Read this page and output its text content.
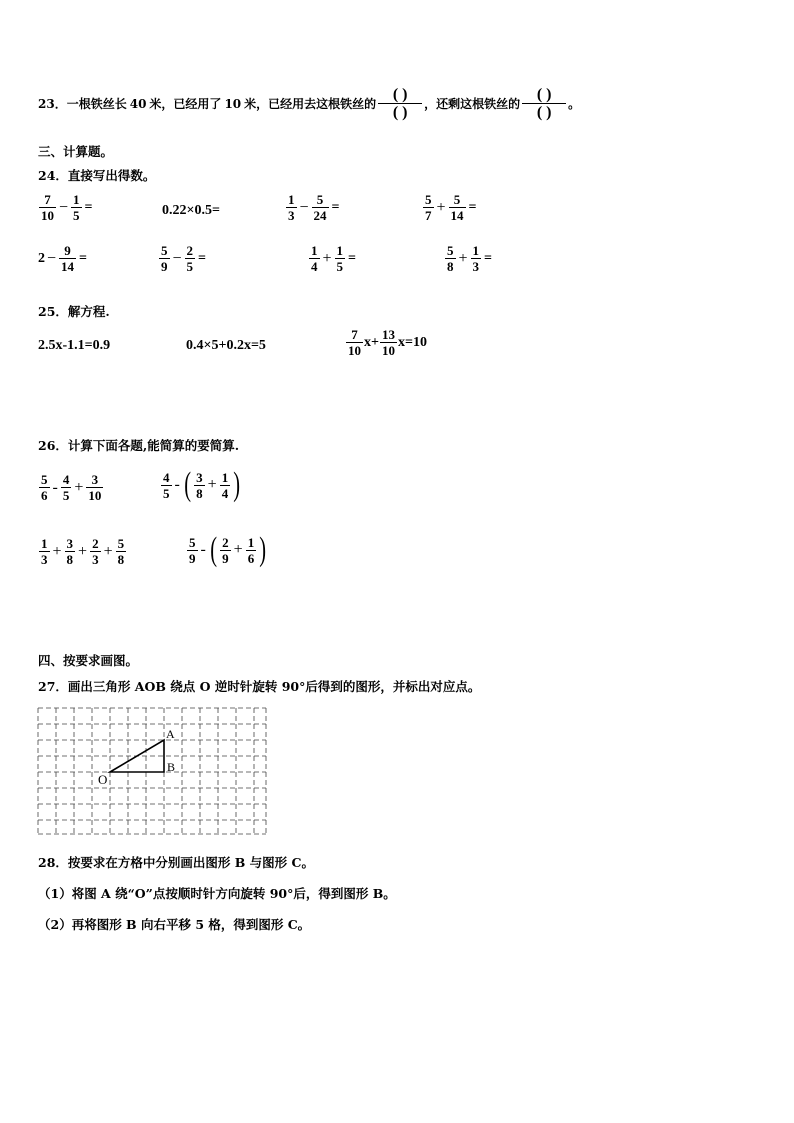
23． 一根铁丝长 40 米，已经用了 10 米，已经用去这根铁丝的
( )
( ) ，还剩这根铁丝的
( )
( ) 。
三、计算题。
24．直接写出得数。
$\frac{7}{10} - \frac{1}{5}$ =	0.22×0.5=	$\frac{1}{3} - \frac{5}{24}$ =	$\frac{5}{7} + \frac{5}{14}$ =
$2 - \frac{9}{14}$ =	$\frac{5}{9} - \frac{2}{5}$ =	$\frac{1}{4} + \frac{1}{5}$ =	$\frac{5}{8} + \frac{1}{3}$ =
25．解方程.
2.5x-1.1=0.9	0.4×5+0.2x=5	$\frac{7}{10} x+ \frac{13}{10} x=10$
26．计算下面各题,能简算的要简算.
$\frac{5}{6} - \frac{4}{5} + \frac{3}{10}$	$\frac{4}{5}$ - ( $\frac{3}{8} + \frac{1}{4}$ )
$\frac{1}{3} + \frac{3}{8} + \frac{2}{3} + \frac{5}{8}$	$\frac{5}{9}$ - ( $\frac{2}{9} + \frac{1}{6}$ )
四、按要求画图。
27．画出三角形 AOB 绕点 O 逆时针旋转 90°后得到的图形，并标出对应点。
A
B
O
28．按要求在方格中分别画出图形 B 与图形 C。
（1）将图 A 绕“O”点按顺时针方向旋转 90°后，得到图形 B。
（2）再将图形 B 向右平移 5 格，得到图形 C。
